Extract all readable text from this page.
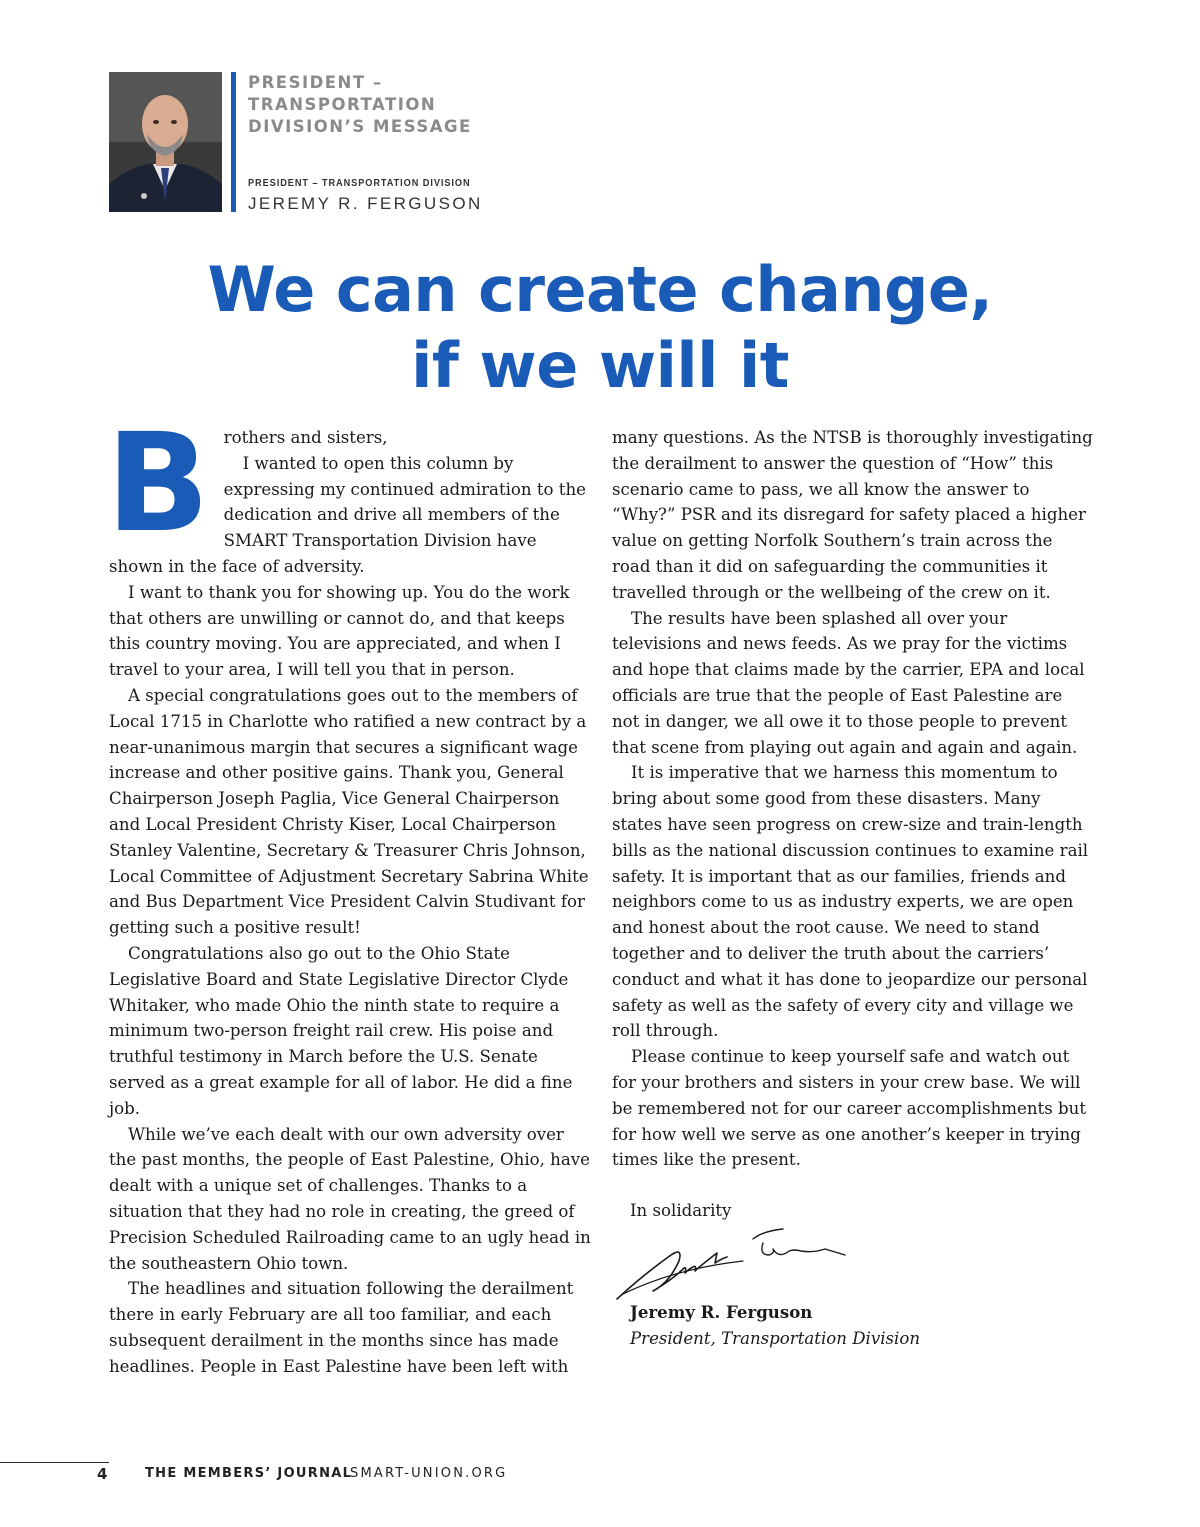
PRESIDENT – TRANSPORTATION DIVISION’S MESSAGE

PRESIDENT – TRANSPORTATION DIVISION

JEREMY R. FERGUSON

We can create change,
if we will it
B rothers and sisters,

I wanted to open this column by expressing my continued admiration to the dedication and drive all members of the SMART Transportation Division have shown in the face of adversity.

I want to thank you for showing up. You do the work that others are unwilling or cannot do, and that keeps this country moving. You are appreciated, and when I travel to your area, I will tell you that in person.

A special congratulations goes out to the members of Local 1715 in Charlotte who ratified a new contract by a near-unanimous margin that secures a significant wage increase and other positive gains. Thank you, General Chairperson Joseph Paglia, Vice General Chairperson and Local President Christy Kiser, Local Chairperson Stanley Valentine, Secretary & Treasurer Chris Johnson, Local Committee of Adjustment Secretary Sabrina White and Bus Department Vice President Calvin Studivant for getting such a positive result!

Congratulations also go out to the Ohio State Legislative Board and State Legislative Director Clyde Whitaker, who made Ohio the ninth state to require a minimum two-person freight rail crew. His poise and truthful testimony in March before the U.S. Senate served as a great example for all of labor. He did a fine job.

While we’ve each dealt with our own adversity over the past months, the people of East Palestine, Ohio, have dealt with a unique set of challenges. Thanks to a situation that they had no role in creating, the greed of Precision Scheduled Railroading came to an ugly head in the southeastern Ohio town.

The headlines and situation following the derailment there in early February are all too familiar, and each subsequent derailment in the months since has made headlines. People in East Palestine have been left with

many questions. As the NTSB is thoroughly investigating the derailment to answer the question of “How” this scenario came to pass, we all know the answer to “Why?” PSR and its disregard for safety placed a higher value on getting Norfolk Southern’s train across the road than it did on safeguarding the communities it travelled through or the wellbeing of the crew on it.

The results have been splashed all over your televisions and news feeds. As we pray for the victims and hope that claims made by the carrier, EPA and local officials are true that the people of East Palestine are not in danger, we all owe it to those people to prevent that scene from playing out again and again and again.

It is imperative that we harness this momentum to bring about some good from these disasters. Many states have seen progress on crew-size and train-length bills as the national discussion continues to examine rail safety. It is important that as our families, friends and neighbors come to us as industry experts, we are open and honest about the root cause. We need to stand together and to deliver the truth about the carriers’ conduct and what it has done to jeopardize our personal safety as well as the safety of every city and village we roll through.

Please continue to keep yourself safe and watch out for your brothers and sisters in your crew base. We will be remembered not for our career accomplishments but for how well we serve as one another’s keeper in trying times like the present.

In solidarity

Jeremy R. Ferguson

President, Transportation Division

4	THE MEMBERS’ JOURNAL

SMART-UNION.ORG
